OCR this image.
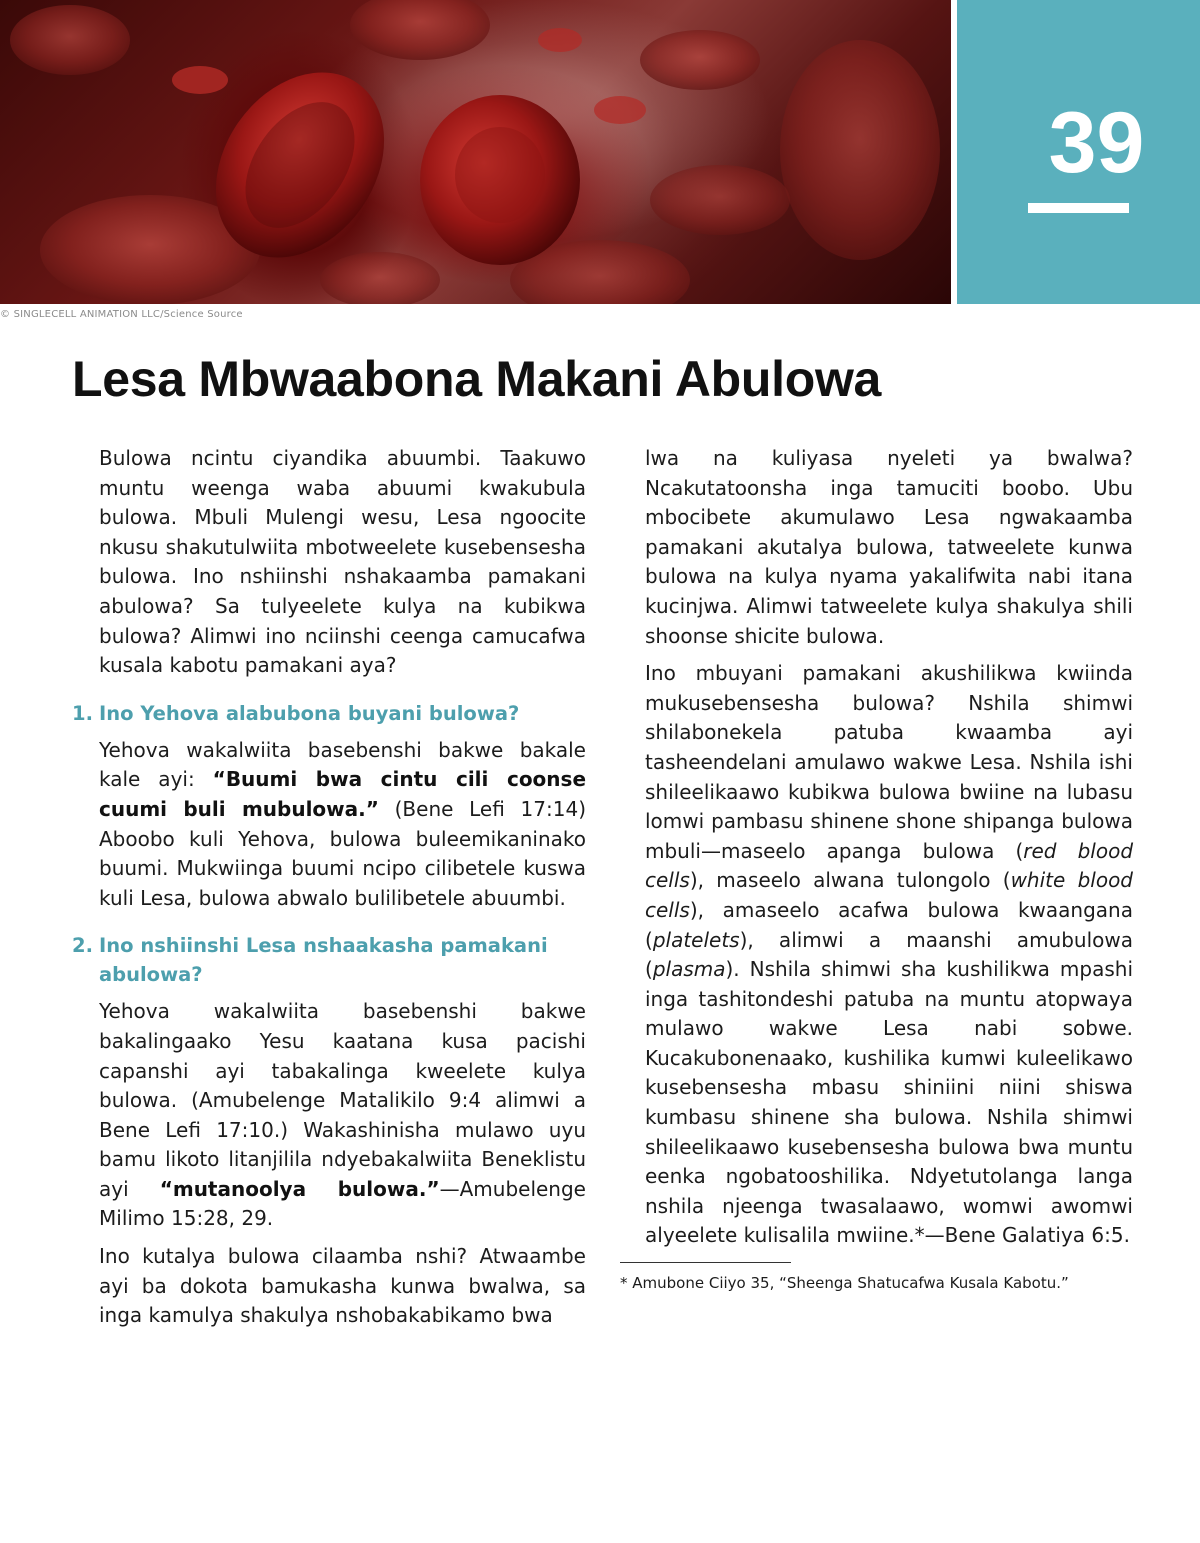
© SINGLECELL ANIMATION LLC/Science Source
39
Lesa Mbwaabona Makani Abulowa

Bulowa ncintu ciyandika abuumbi. Taakuwo muntu weenga waba abuumi kwakubula bulowa. Mbuli Mulengi wesu, Lesa ngoocite nkusu shakutulwiita mbotweelete kusebensesha bulowa. Ino nshiinshi nshakaamba pamakani abulowa? Sa tulyeelete kulya na kubikwa bulowa? Alimwi ino nciinshi ceenga camucafwa kusala kabotu pamakani aya?

1. Ino Yehova alabubona buyani bulowa?

Yehova wakalwiita basebenshi bakwe bakale kale ayi: “Buumi bwa cintu cili coonse cuumi buli mubulowa.” (Bene Lefi 17:14) Aboobo kuli Yehova, bulowa buleemikaninako buumi. Mukwiinga buumi ncipo cilibetele kuswa kuli Lesa, bulowa abwalo bulilibetele abuumbi.

2. Ino nshiinshi Lesa nshaakasha pamakani abulowa?

Yehova wakalwiita basebenshi bakwe bakalingaako Yesu kaatana kusa pacishi capanshi ayi tabakalinga kweelete kulya bulowa. (Amubelenge Matalikilo 9:4 alimwi a Bene Lefi 17:10.) Wakashinisha mulawo uyu bamu likoto litanjilila ndyebakalwiita Beneklistu ayi “mutanoolya bulowa.”—Amubelenge Milimo 15:28, 29.

Ino kutalya bulowa cilaamba nshi? Atwaambe ayi ba dokota bamukasha kunwa bwalwa, sa inga kamulya shakulya nshobakabikamo bwa

lwa na kuliyasa nyeleti ya bwalwa? Ncakutatoonsha inga tamuciti boobo. Ubu mbocibete akumulawo Lesa ngwakaamba pamakani akutalya bulowa, tatweelete kunwa bulowa na kulya nyama yakalifwita nabi itana kucinjwa. Alimwi tatweelete kulya shakulya shili shoonse shicite bulowa.

Ino mbuyani pamakani akushilikwa kwiinda mukusebensesha bulowa? Nshila shimwi shilabonekela patuba kwaamba ayi tasheendelani amulawo wakwe Lesa. Nshila ishi shileelikaawo kubikwa bulowa bwiine na lubasu lomwi pambasu shinene shone shipanga bulowa mbuli—maseelo apanga bulowa (red blood cells), maseelo alwana tulongolo (white blood cells), amaseelo acafwa bulowa kwaangana (platelets), alimwi a maanshi amubulowa (plasma). Nshila shimwi sha kushilikwa mpashi inga tashitondeshi patuba na muntu atopwaya mulawo wakwe Lesa nabi sobwe. Kucakubonenaako, kushilika kumwi kuleelikawo kusebensesha mbasu shiniini niini shiswa kumbasu shinene sha bulowa. Nshila shimwi shileelikaawo kusebensesha bulowa bwa muntu eenka ngobatooshilika. Ndyetutolanga langa nshila njeenga twasalaawo, womwi awomwi alyeelete kulisalila mwiine.*—Bene Galatiya 6:5.

* Amubone Ciiyo 35, “Sheenga Shatucafwa Kusala Kabotu.”
